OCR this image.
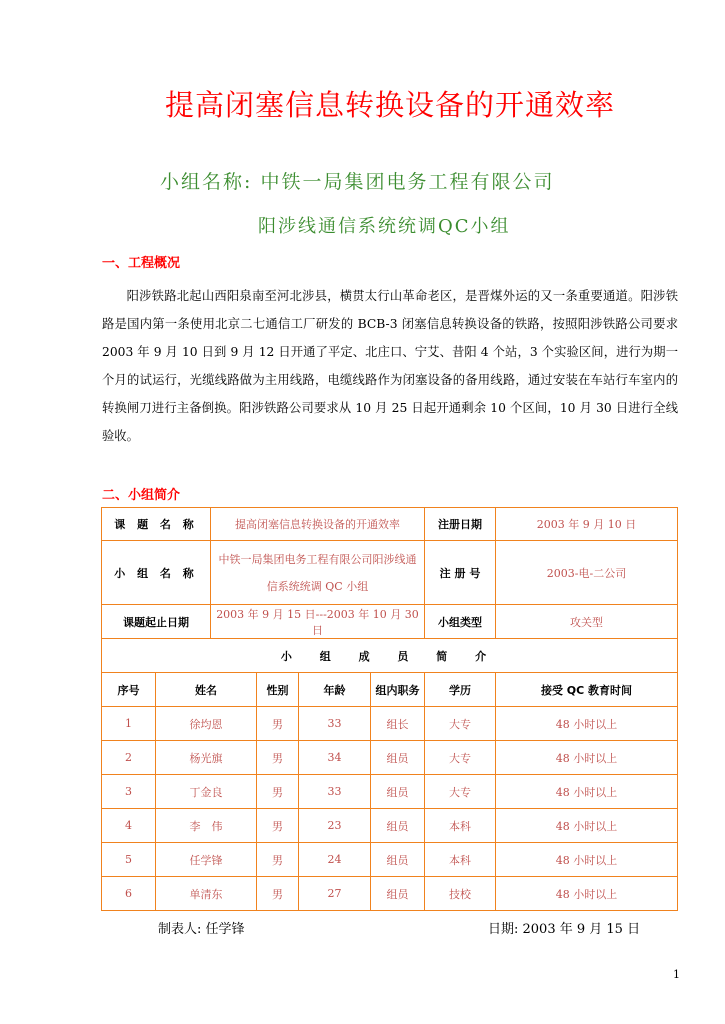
提高闭塞信息转换设备的开通效率
小组名称: 中铁一局集团电务工程有限公司
阳涉线通信系统统调QC小组
一、工程概况
阳涉铁路北起山西阳泉南至河北涉县，横贯太行山革命老区，是晋煤外运的又一条重要通道。阳涉铁路是国内第一条使用北京二七通信工厂研发的 BCB-3 闭塞信息转换设备的铁路，按照阳涉铁路公司要求 2003 年 9 月 10 日到 9 月 12 日开通了平定、北庄口、宁艾、昔阳 4 个站，3 个实验区间，进行为期一个月的试运行，光缆线路做为主用线路，电缆线路作为闭塞设备的备用线路，通过安装在车站行车室内的转换闸刀进行主备倒换。阳涉铁路公司要求从 10 月 25 日起开通剩余 10 个区间，10 月 30 日进行全线验收。
二、小组简介
课 题 名 称		提高闭塞信息转换设备的开通效率				注册日期	2003 年 9 月 10 日
小 组 名 称		中铁一局集团电务工程有限公司阳涉线通信系统统调 QC 小组				注 册 号	2003-电-二公司
课题起止日期		2003 年 9 月 15 日---2003 年 10 月 30 日				小组类型	攻关型
小 组 成 员 简 介							
序号	姓名		性别	年龄	组内职务	学历	接受 QC 教育时间
1	徐均恩		男	33	组长	大专	48 小时以上
2	杨光旗		男	34	组员	大专	48 小时以上
3	丁金良		男	33	组员	大专	48 小时以上
4	李　伟		男	23	组员	本科	48 小时以上
5	任学锋		男	24	组员	本科	48 小时以上
6	单清东		男	27	组员	技校	48 小时以上
制表人: 任学锋	日期: 2003 年 9 月 15 日
1
